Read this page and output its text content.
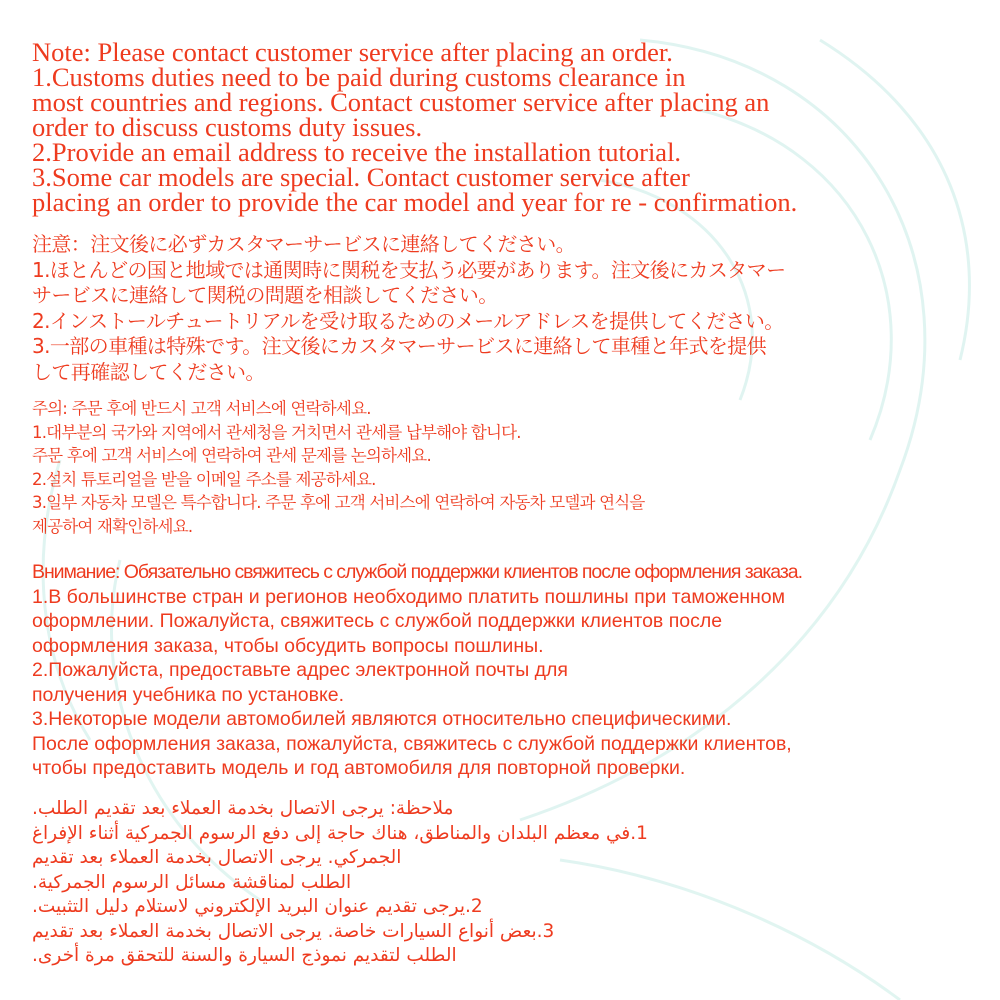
Note: Please contact customer service after placing an order.

1.Customs duties need to be paid during customs clearance in

most countries and regions. Contact customer service after placing an

order to discuss customs duty issues.

2.Provide an email address to receive the installation tutorial.

3.Some car models are special. Contact customer service after

placing an order to provide the car model and year for re - confirmation.

注意：注文後に必ずカスタマーサービスに連絡してください。

1.ほとんどの国と地域では通関時に関税を支払う必要があります。注文後にカスタマー

サービスに連絡して関税の問題を相談してください。

2.インストールチュートリアルを受け取るためのメールアドレスを提供してください。

3.一部の車種は特殊です。注文後にカスタマーサービスに連絡して車種と年式を提供

して再確認してください。

주의: 주문 후에 반드시 고객 서비스에 연락하세요.

1.대부분의 국가와 지역에서 관세청을 거치면서 관세를 납부해야 합니다.

주문 후에 고객 서비스에 연락하여 관세 문제를 논의하세요.

2.설치 튜토리얼을 받을 이메일 주소를 제공하세요.

3.일부 자동차 모델은 특수합니다. 주문 후에 고객 서비스에 연락하여 자동차 모델과 연식을

제공하여 재확인하세요.

Внимание: Обязательно свяжитесь с службой поддержки клиентов после оформления заказа.

1.В большинстве стран и регионов необходимо платить пошлины при таможенном

оформлении. Пожалуйста, свяжитесь с службой поддержки клиентов после

оформления заказа, чтобы обсудить вопросы пошлины.

2.Пожалуйста, предоставьте адрес электронной почты для

получения учебника по установке.

3.Некоторые модели автомобилей являются относительно специфическими.

После оформления заказа, пожалуйста, свяжитесь с службой поддержки клиентов,

чтобы предоставить модель и год автомобиля для повторной проверки.

ملاحظة: يرجى الاتصال بخدمة العملاء بعد تقديم الطلب.

1.في معظم البلدان والمناطق، هناك حاجة إلى دفع الرسوم الجمركية أثناء الإفراغ

الجمركي. يرجى الاتصال بخدمة العملاء بعد تقديم

الطلب لمناقشة مسائل الرسوم الجمركية.

2.يرجى تقديم عنوان البريد الإلكتروني لاستلام دليل التثبيت.

3.بعض أنواع السيارات خاصة. يرجى الاتصال بخدمة العملاء بعد تقديم

الطلب لتقديم نموذج السيارة والسنة للتحقق مرة أخرى.
